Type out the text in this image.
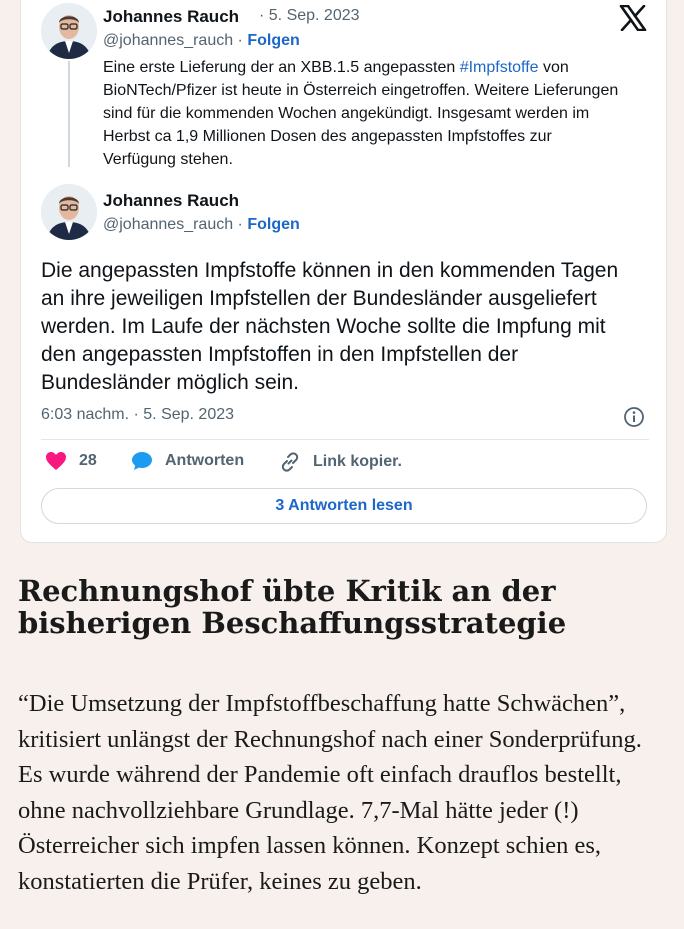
Johannes Rauch · 5. Sep. 2023
@johannes_rauch · Folgen
Eine erste Lieferung der an XBB.1.5 angepassten #Impfstoffe von BioNTech/Pfizer ist heute in Österreich eingetroffen. Weitere Lieferungen sind für die kommenden Wochen angekündigt. Insgesamt werden im Herbst ca 1,9 Millionen Dosen des angepassten Impfstoffes zur Verfügung stehen.
Johannes Rauch
@johannes_rauch · Folgen
Die angepassten Impfstoffe können in den kommenden Tagen an ihre jeweiligen Impfstellen der Bundesländer ausgeliefert werden. Im Laufe der nächsten Woche sollte die Impfung mit den angepassten Impfstoffen in den Impfstellen der Bundesländer möglich sein.
6:03 nachm. · 5. Sep. 2023
28	Antworten	Link kopier.
3 Antworten lesen
Rechnungshof übte Kritik an der bisherigen Beschaffungsstrategie

“Die Umsetzung der Impfstoffbeschaffung hatte Schwächen”, kritisiert unlängst der Rechnungshof nach einer Sonderprüfung. Es wurde während der Pandemie oft einfach drauflos bestellt, ohne nachvollziehbare Grundlage. 7,7-Mal hätte jeder (!) Österreicher sich impfen lassen können. Konzept schien es, konstatierten die Prüfer, keines zu geben.
